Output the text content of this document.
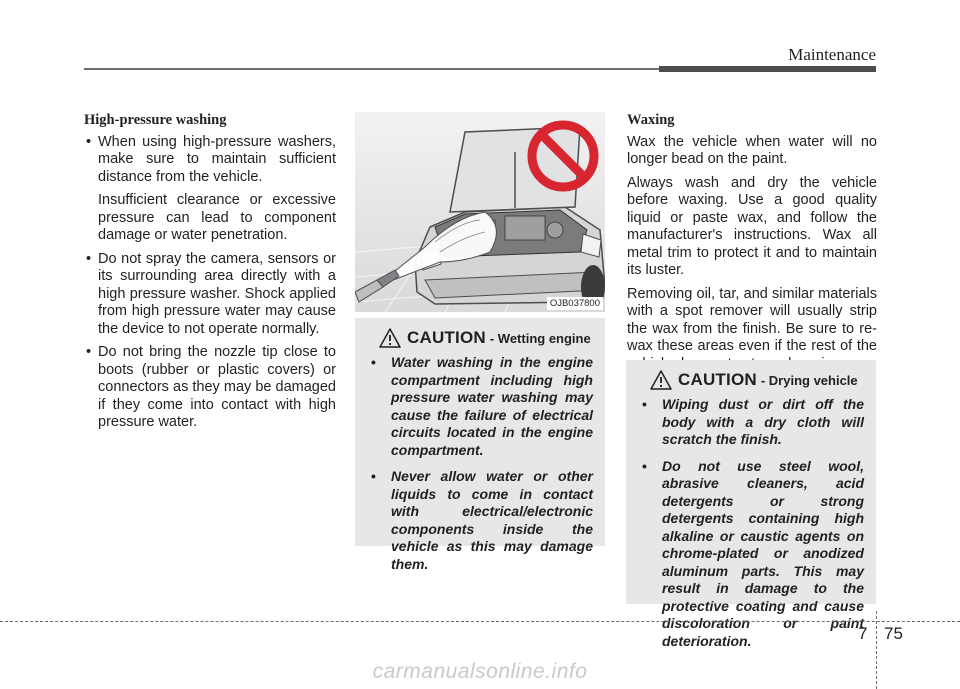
Maintenance
High-pressure washing

• When using high-pressure washers, make sure to maintain sufficient distance from the vehicle.

Insufficient clearance or excessive pressure can lead to component damage or water penetration.

• Do not spray the camera, sensors or its surrounding area directly with a high pressure washer. Shock applied from high pressure water may cause the device to not operate normally.

• Do not bring the nozzle tip close to boots (rubber or plastic covers) or connectors as they may be damaged if they come into contact with high pressure water.

OJB037800
CAUTION - Wetting engine
• Water washing in the engine compartment including high pressure water washing may cause the failure of electrical circuits located in the engine compartment.
• Never allow water or other liquids to come in contact with electrical/electronic components inside the vehicle as this may damage them.
Waxing

Wax the vehicle when water will no longer bead on the paint.

Always wash and dry the vehicle before waxing. Use a good quality liquid or paste wax, and follow the manufacturer's instructions. Wax all metal trim to protect it and to maintain its luster.

Removing oil, tar, and similar materials with a spot remover will usually strip the wax from the finish. Be sure to re-wax these areas even if the rest of the

CAUTION - Drying vehicle
• Wiping dust or dirt off the body with a dry cloth will scratch the finish.
• Do not use steel wool, abrasive cleaners, acid detergents or strong detergents containing high alkaline or caustic agents on chrome-plated or anodized aluminum parts. This may result in damage to the protective coating and cause discoloration or paint deterioration.	7 75
carmanualsonline.info
